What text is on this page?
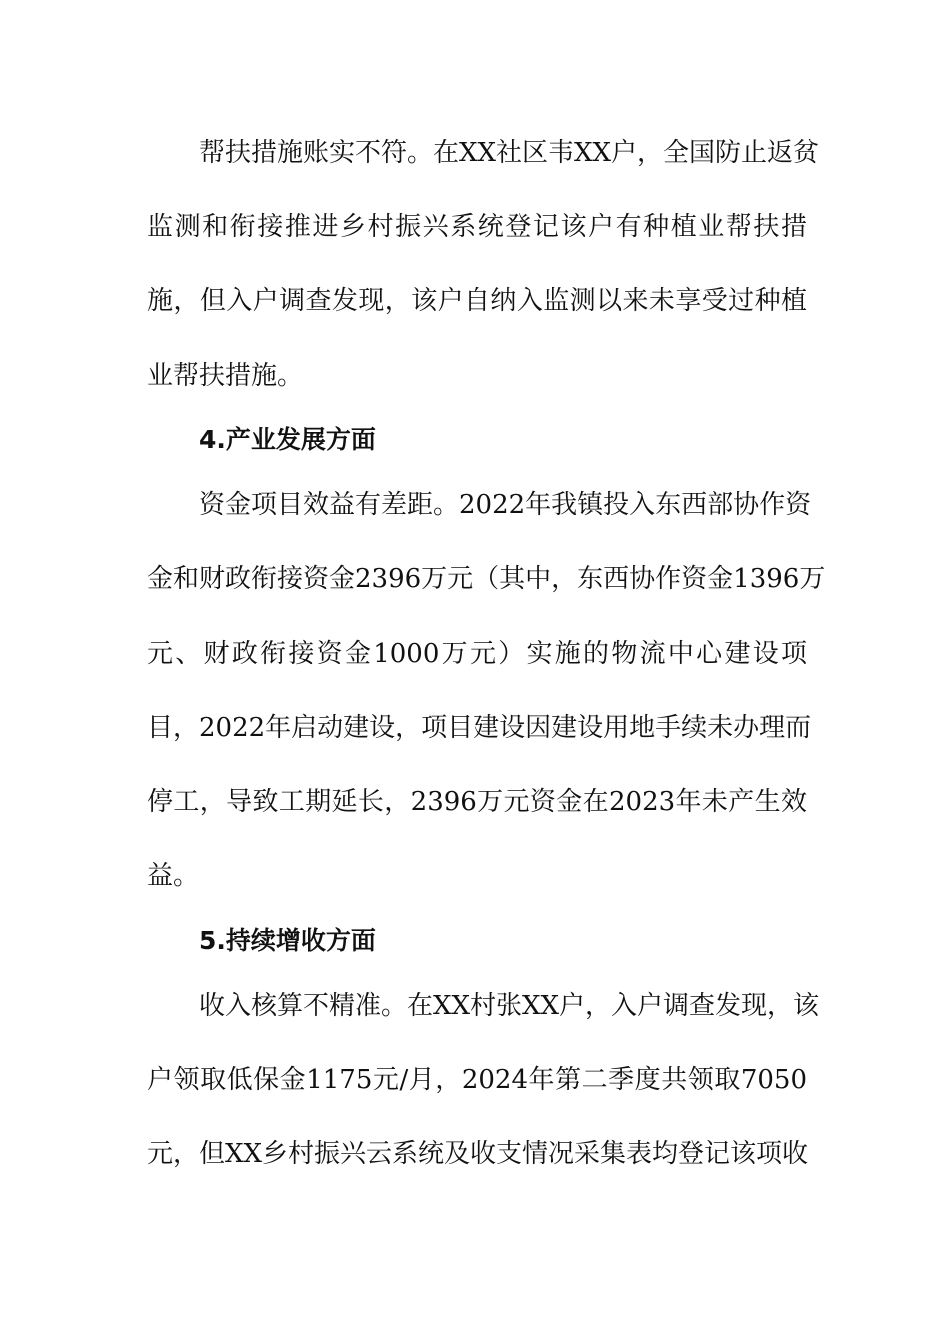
帮扶措施账实不符。在XX社区韦XX户，全国防止返贫
监测和衔接推进乡村振兴系统登记该户有种植业帮扶措
施，但入户调查发现，该户自纳入监测以来未享受过种植
业帮扶措施。
4.产业发展方面
资金项目效益有差距。2022年我镇投入东西部协作资
金和财政衔接资金2396万元（其中，东西协作资金1396万
元、财政衔接资金1000万元）实施的物流中心建设项
目，2022年启动建设，项目建设因建设用地手续未办理而
停工，导致工期延长，2396万元资金在2023年未产生效
益。
5.持续增收方面
收入核算不精准。在XX村张XX户，入户调查发现，该
户领取低保金1175元/月，2024年第二季度共领取7050
元，但XX乡村振兴云系统及收支情况采集表均登记该项收
